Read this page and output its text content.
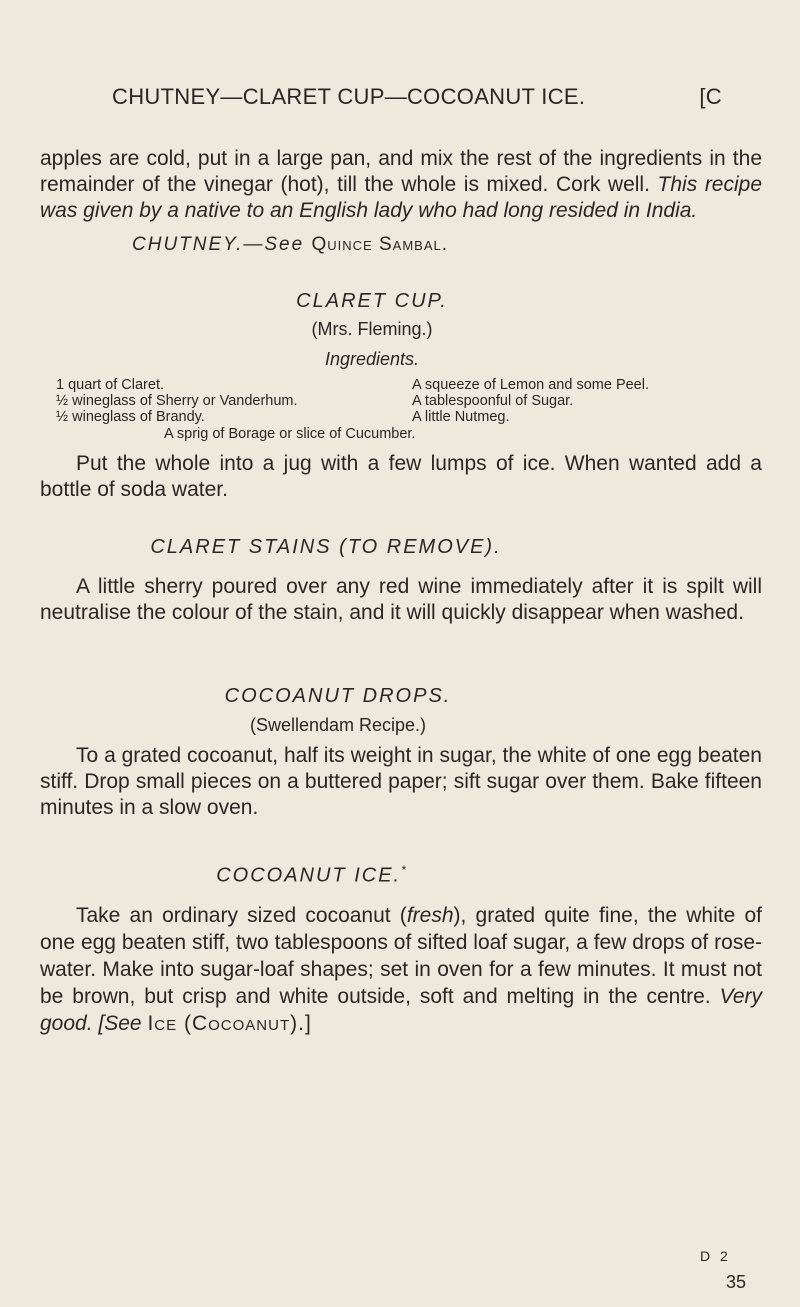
CHUTNEY—CLARET CUP—COCOANUT ICE.	[C

apples are cold, put in a large pan, and mix the rest of the ingredients in the remainder of the vinegar (hot), till the whole is mixed. Cork well. This recipe was given by a native to an English lady who had long resided in India.

CHUTNEY.—See Quince Sambal.
CLARET CUP.
(Mrs. Fleming.)
Ingredients.
1 quart of Claret.
½ wineglass of Sherry or Vanderhum.
½ wineglass of Brandy.
A squeeze of Lemon and some Peel.
A tablespoonful of Sugar.
A little Nutmeg.
A sprig of Borage or slice of Cucumber.

Put the whole into a jug with a few lumps of ice. When wanted add a bottle of soda water.

CLARET STAINS (TO REMOVE).

A little sherry poured over any red wine immediately after it is spilt will neutralise the colour of the stain, and it will quickly disappear when washed.

COCOANUT DROPS.
(Swellendam Recipe.)

To a grated cocoanut, half its weight in sugar, the white of one egg beaten stiff. Drop small pieces on a buttered paper; sift sugar over them. Bake fifteen minutes in a slow oven.

COCOANUT ICE.*

Take an ordinary sized cocoanut (fresh), grated quite fine, the white of one egg beaten stiff, two tablespoons of sifted loaf sugar, a few drops of rose-water. Make into sugar-loaf shapes; set in oven for a few minutes. It must not be brown, but crisp and white outside, soft and melting in the centre. Very good. [See Ice (Cocoanut).]

D 2
35
